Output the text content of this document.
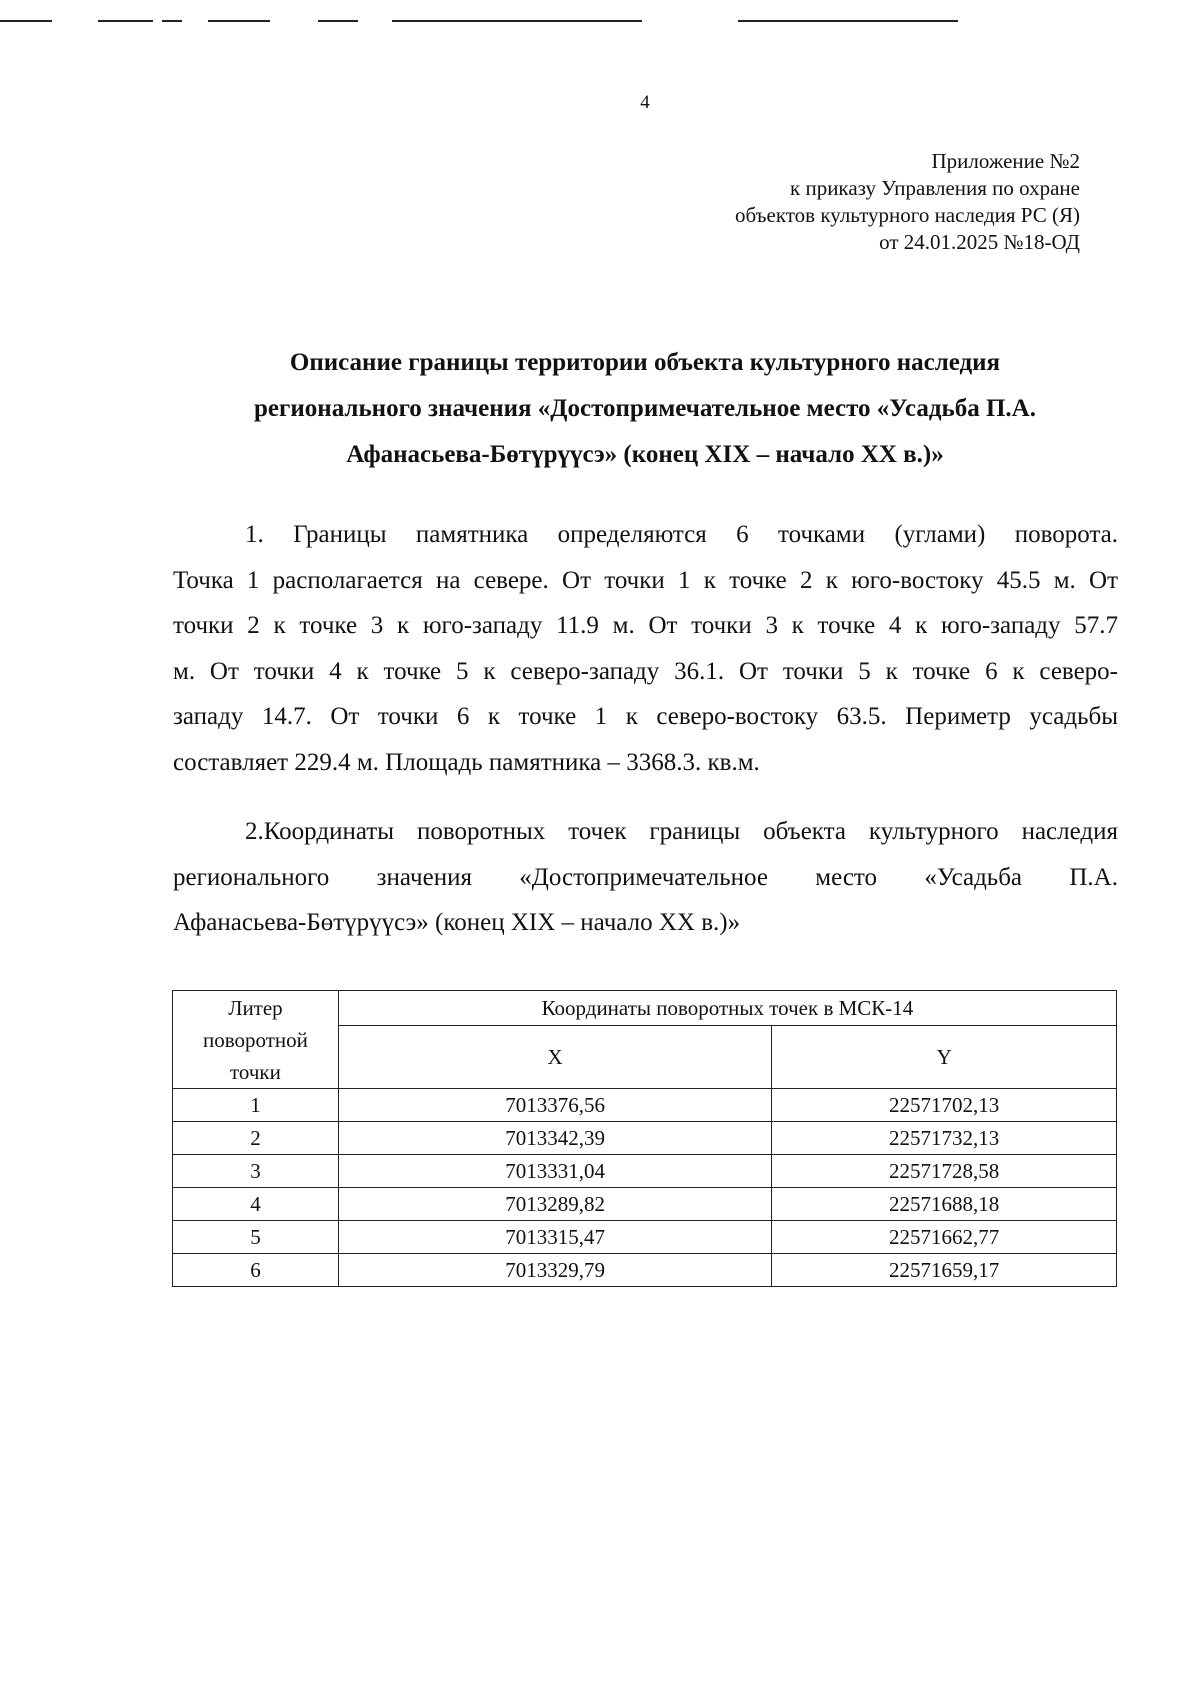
4
Приложение №2
к приказу Управления по охране
объектов культурного наследия РС (Я)
от 24.01.2025 №18-ОД
Описание границы территории объекта культурного наследия
регионального значения «Достопримечательное место «Усадьба П.А.
Афанасьева-Бөтүрүүсэ» (конец XIX – начало XX в.)»
1. Границы памятника определяются 6 точками (углами) поворота.
Точка 1 располагается на севере. От точки 1 к точке 2 к юго-востоку 45.5 м. От
точки 2 к точке 3 к юго-западу 11.9 м. От точки 3 к точке 4 к юго-западу 57.7
м. От точки 4 к точке 5 к северо-западу 36.1. От точки 5 к точке 6 к северо-
западу 14.7. От точки 6 к точке 1 к северо-востоку 63.5. Периметр усадьбы
составляет 229.4 м. Площадь памятника – 3368.3. кв.м.
2.Координаты поворотных точек границы объекта культурного наследия
регионального значения «Достопримечательное место «Усадьба П.А.
Афанасьева-Бөтүрүүсэ» (конец XIX – начало XX в.)»
Литер
поворотной
точки	Координаты поворотных точек в МСК-14	
	X	Y
1	7013376,56	22571702,13
2	7013342,39	22571732,13
3	7013331,04	22571728,58
4	7013289,82	22571688,18
5	7013315,47	22571662,77
6	7013329,79	22571659,17
